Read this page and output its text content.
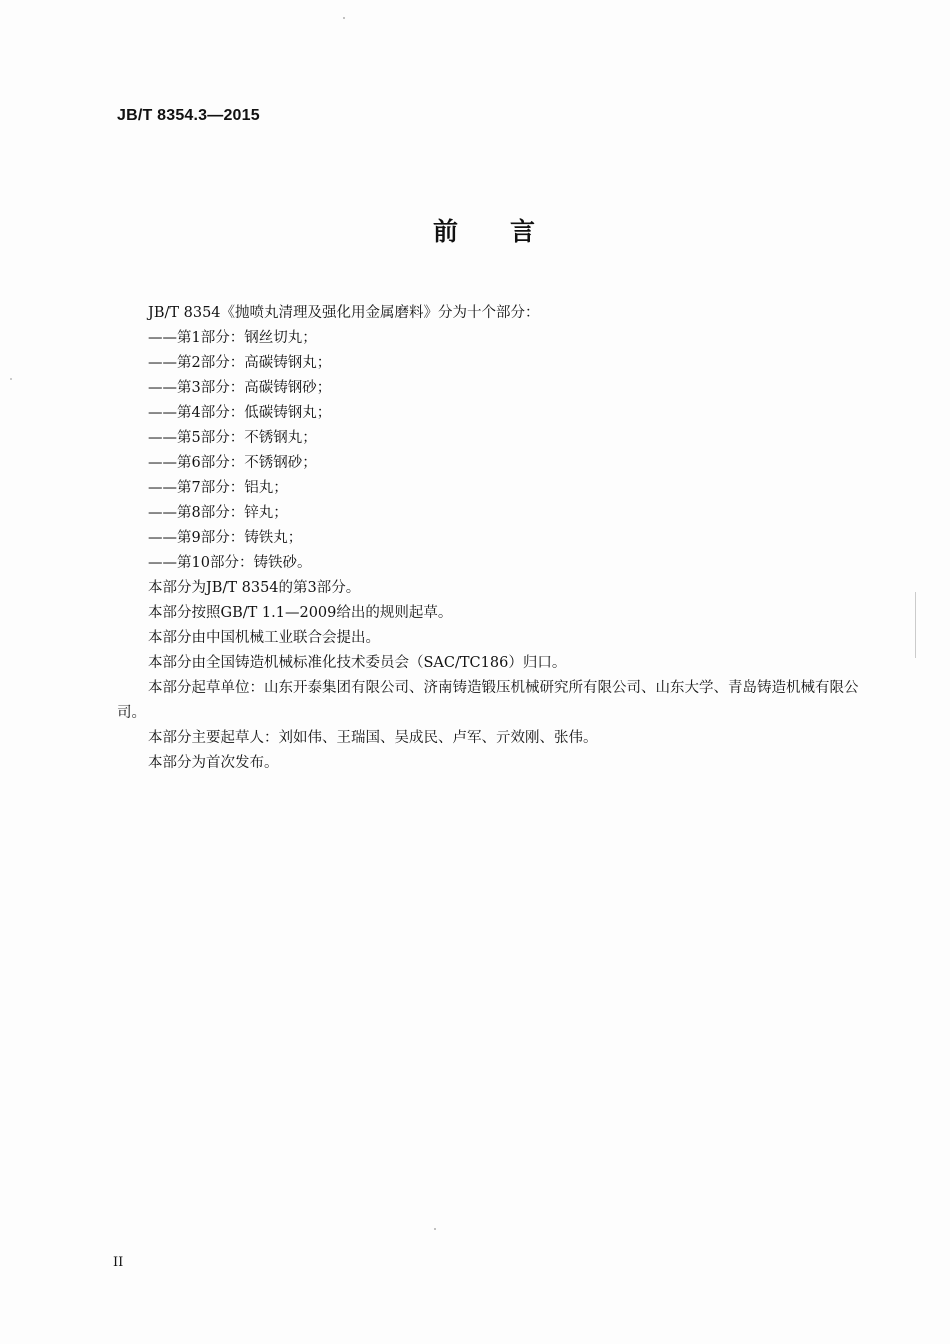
JB/T 8354.3—2015
前言

JB/T 8354《抛喷丸清理及强化用金属磨料》分为十个部分：

——第1部分：钢丝切丸；
——第2部分：高碳铸钢丸；
——第3部分：高碳铸钢砂；
——第4部分：低碳铸钢丸；
——第5部分：不锈钢丸；
——第6部分：不锈钢砂；
——第7部分：铝丸；
——第8部分：锌丸；
——第9部分：铸铁丸；
——第10部分：铸铁砂。

本部分为JB/T 8354的第3部分。

本部分按照GB/T 1.1—2009给出的规则起草。

本部分由中国机械工业联合会提出。

本部分由全国铸造机械标准化技术委员会（SAC/TC186）归口。

本部分起草单位：山东开泰集团有限公司、济南铸造锻压机械研究所有限公司、山东大学、青岛铸造机械有限公司。

本部分主要起草人：刘如伟、王瑞国、吴成民、卢军、亓效刚、张伟。

本部分为首次发布。

II
